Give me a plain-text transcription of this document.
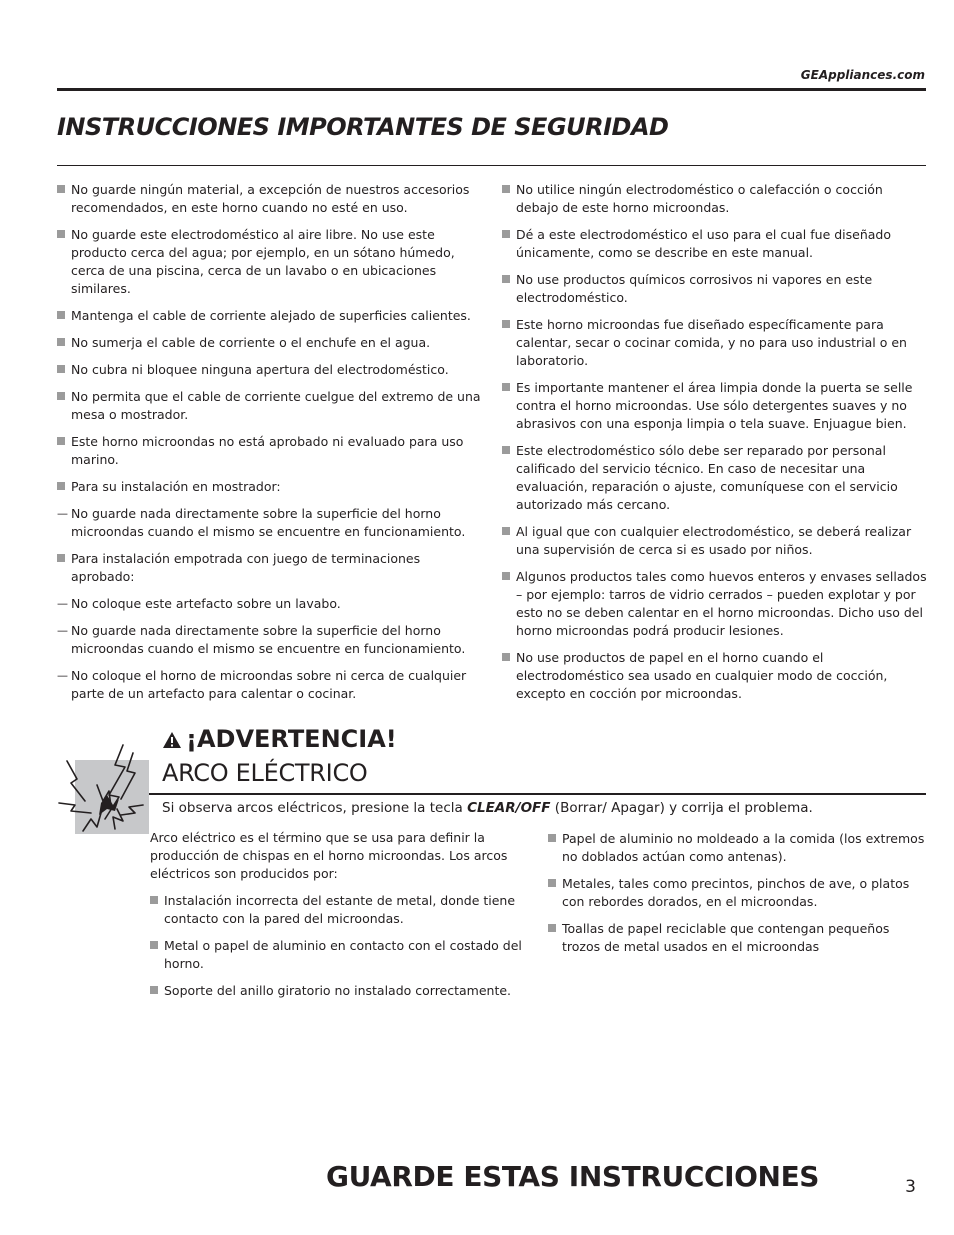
GEAppliances.com
INSTRUCCIONES IMPORTANTES DE SEGURIDAD
No guarde ningún material, a excepción de nuestros accesorios recomendados, en este horno cuando no esté en uso.
No guarde este electrodoméstico al aire libre. No use este producto cerca del agua; por ejemplo, en un sótano húmedo, cerca de una piscina, cerca de un lavabo o en ubicaciones similares.
Mantenga el cable de corriente alejado de superficies calientes.
No sumerja el cable de corriente o el enchufe en el agua.
No cubra ni bloquee ninguna apertura del electrodoméstico.
No permita que el cable de corriente cuelgue del extremo de una mesa o mostrador.
Este horno microondas no está aprobado ni evaluado para uso marino.
Para su instalación en mostrador:
— No guarde nada directamente sobre la superficie del horno microondas cuando el mismo se encuentre en funcionamiento.
Para instalación empotrada con juego de terminaciones aprobado:
— No coloque este artefacto sobre un lavabo.
— No guarde nada directamente sobre la superficie del horno microondas cuando el mismo se encuentre en funcionamiento.
— No coloque el horno de microondas sobre ni cerca de cualquier parte de un artefacto para calentar o cocinar.
No utilice ningún electrodoméstico o calefacción o cocción debajo de este horno microondas.
Dé a este electrodoméstico el uso para el cual fue diseñado únicamente, como se describe en este manual.
No use productos químicos corrosivos ni vapores en este electrodoméstico.
Este horno microondas fue diseñado específicamente para calentar, secar o cocinar comida, y no para uso industrial o en laboratorio.
Es importante mantener el área limpia donde la puerta se selle contra el horno microondas. Use sólo detergentes suaves y no abrasivos con una esponja limpia o tela suave. Enjuague bien.
Este electrodoméstico sólo debe ser reparado por personal calificado del servicio técnico. En caso de necesitar una evaluación, reparación o ajuste, comuníquese con el servicio autorizado más cercano.
Al igual que con cualquier electrodoméstico, se deberá realizar una supervisión de cerca si es usado por niños.
Algunos productos tales como huevos enteros y envases sellados – por ejemplo: tarros de vidrio cerrados – pueden explotar y por esto no se deben calentar en el horno microondas. Dicho uso del horno microondas podrá producir lesiones.
No use productos de papel en el horno cuando el electrodoméstico sea usado en cualquier modo de cocción, excepto en cocción por microondas.
¡ADVERTENCIA!
ARCO ELÉCTRICO
Si observa arcos eléctricos, presione la tecla CLEAR/OFF (Borrar/ Apagar) y corrija el problema.

Arco eléctrico es el término que se usa para definir la producción de chispas en el horno microondas. Los arcos eléctricos son producidos por:

Instalación incorrecta del estante de metal, donde tiene contacto con la pared del microondas.
Metal o papel de aluminio en contacto con el costado del horno.
Soporte del anillo giratorio no instalado correctamente.
Papel de aluminio no moldeado a la comida (los extremos no doblados actúan como antenas).
Metales, tales como precintos, pinchos de ave, o platos con rebordes dorados, en el microondas.
Toallas de papel reciclable que contengan pequeños trozos de metal usados en el microondas
GUARDE ESTAS INSTRUCCIONES	3
